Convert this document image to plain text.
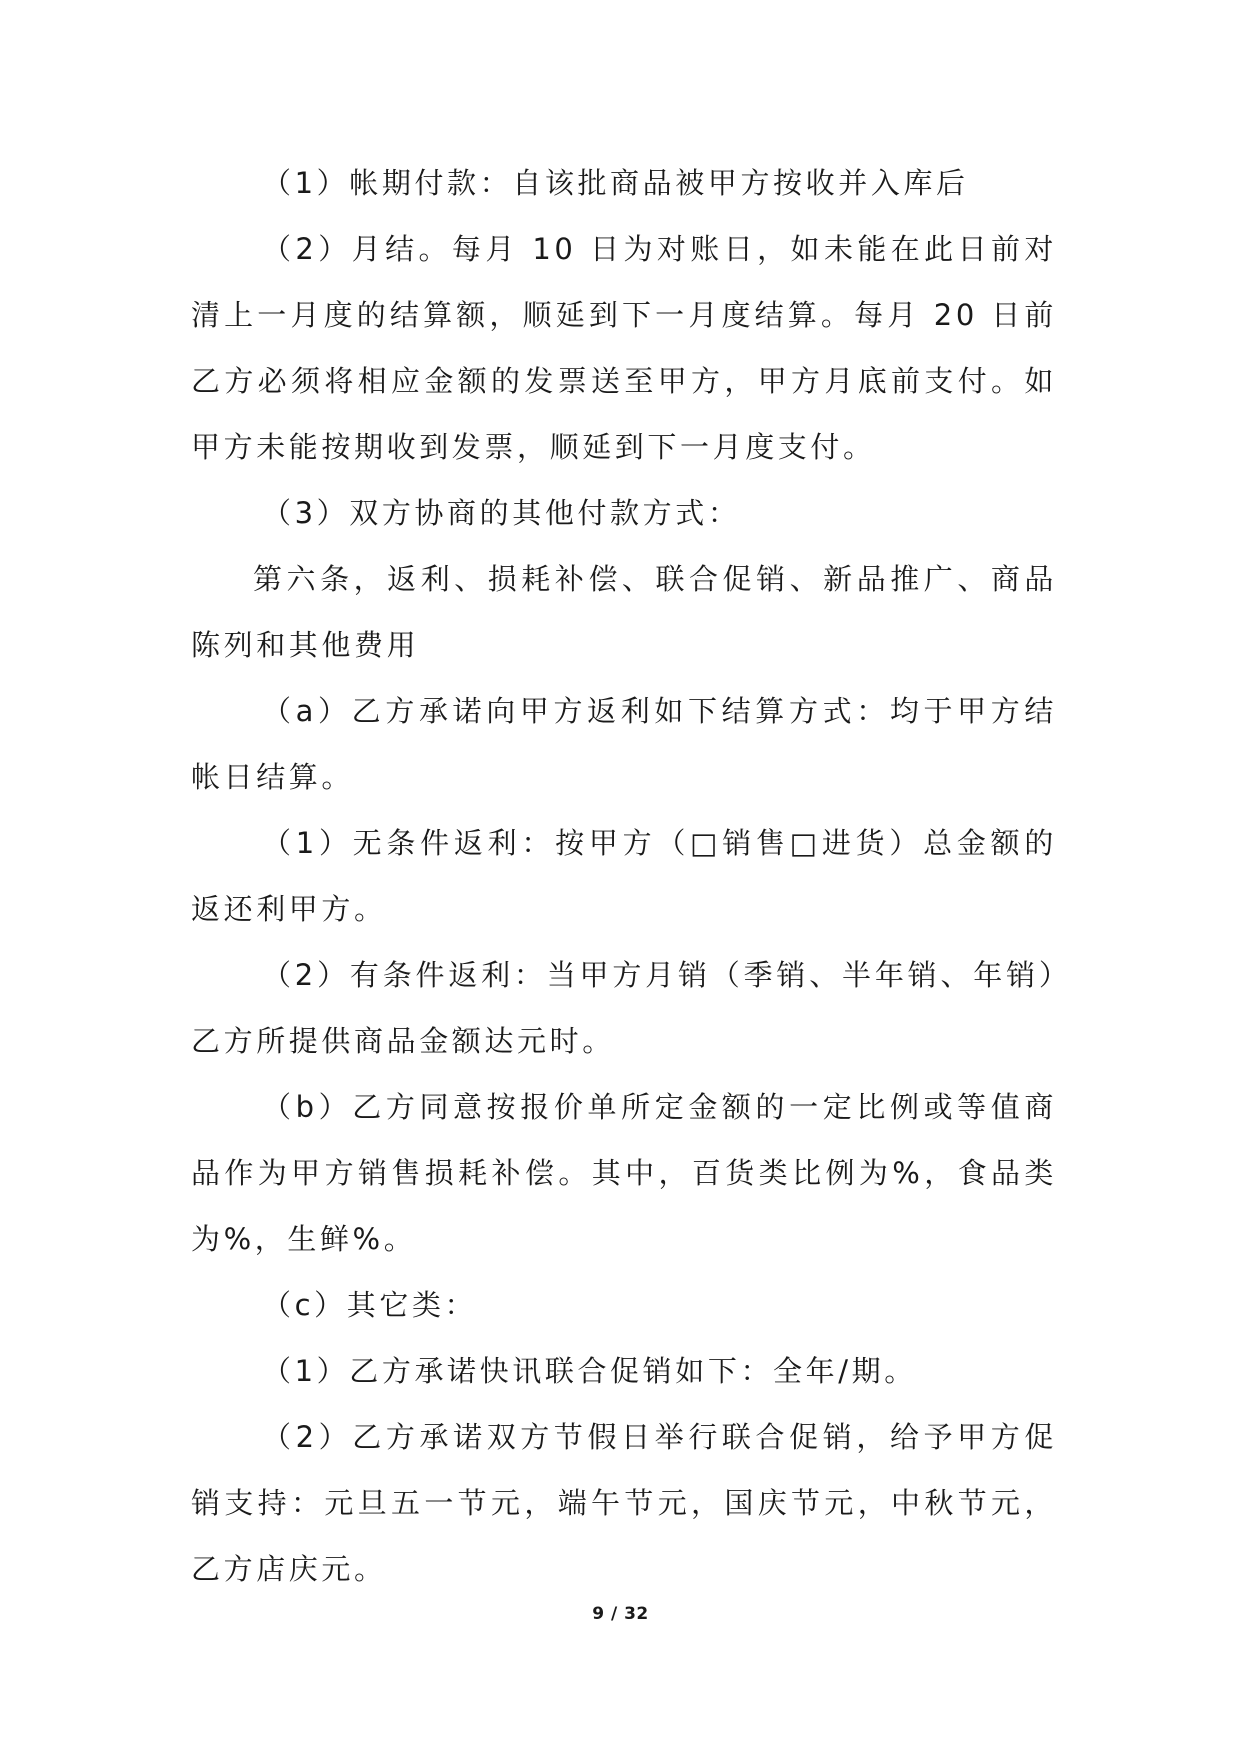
（1）帐期付款：自该批商品被甲方按收并入库后

（2）月结。每月 10 日为对账日，如未能在此日前对清上一月度的结算额，顺延到下一月度结算。每月 20 日前乙方必须将相应金额的发票送至甲方，甲方月底前支付。如甲方未能按期收到发票，顺延到下一月度支付。

（3）双方协商的其他付款方式：

第六条，返利、损耗补偿、联合促销、新品推广、商品陈列和其他费用

（a）乙方承诺向甲方返利如下结算方式：均于甲方结帐日结算。

（1）无条件返利：按甲方（□销售□进货）总金额的返还利甲方。

（2）有条件返利：当甲方月销（季销、半年销、年销）乙方所提供商品金额达元时。

（b）乙方同意按报价单所定金额的一定比例或等值商品作为甲方销售损耗补偿。其中，百货类比例为%，食品类为%，生鲜%。

（c）其它类：

（1）乙方承诺快讯联合促销如下：全年/期。

（2）乙方承诺双方节假日举行联合促销，给予甲方促销支持：元旦五一节元，端午节元，国庆节元，中秋节元，乙方店庆元。

9 / 32
